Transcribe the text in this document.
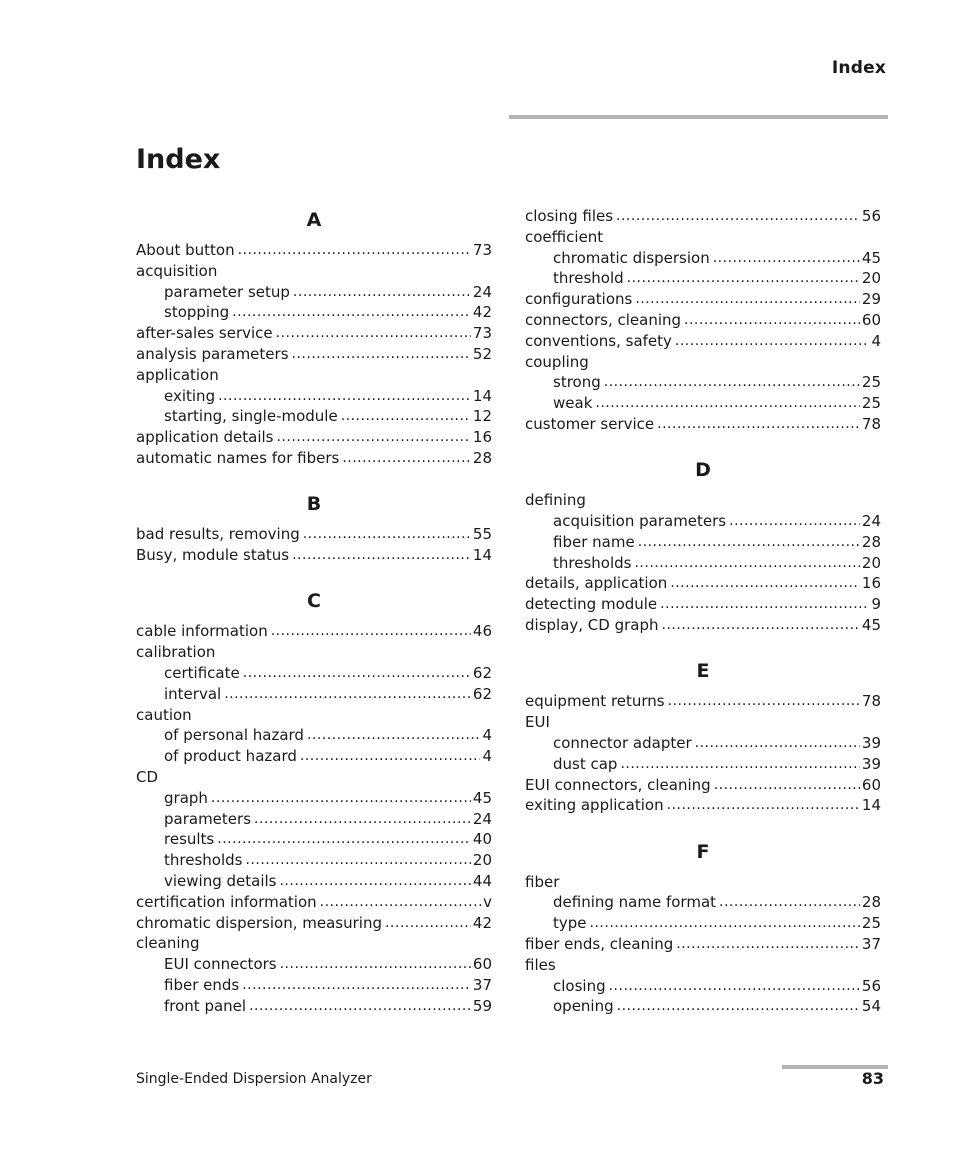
Index
Index
A
About button .....	73
acquisition
parameter setup .....	24
stopping .....	42
after-sales service .....	73
analysis parameters .....	52
application
exiting .....	14
starting, single-module .....	12
application details .....	16
automatic names for fibers .....	28
B
bad results, removing .....	55
Busy, module status .....	14
C
cable information .....	46
calibration
certificate .....	62
interval .....	62
caution
of personal hazard .....	4
of product hazard .....	4
CD
graph .....	45
parameters .....	24
results .....	40
thresholds .....	20
viewing details .....	44
certification information .....	v
chromatic dispersion, measuring .....	42
cleaning
EUI connectors .....	60
fiber ends .....	37
front panel .....	59
closing files .....	56
coefficient
chromatic dispersion .....	45
threshold .....	20
configurations .....	29
connectors, cleaning .....	60
conventions, safety .....	4
coupling
strong .....	25
weak .....	25
customer service .....	78
D
defining
acquisition parameters .....	24
fiber name .....	28
thresholds .....	20
details, application .....	16
detecting module .....	9
display, CD graph .....	45
E
equipment returns .....	78
EUI
connector adapter .....	39
dust cap .....	39
EUI connectors, cleaning .....	60
exiting application .....	14
F
fiber
defining name format .....	28
type .....	25
fiber ends, cleaning .....	37
files
closing .....	56
opening .....	54
Single-Ended Dispersion Analyzer	83
